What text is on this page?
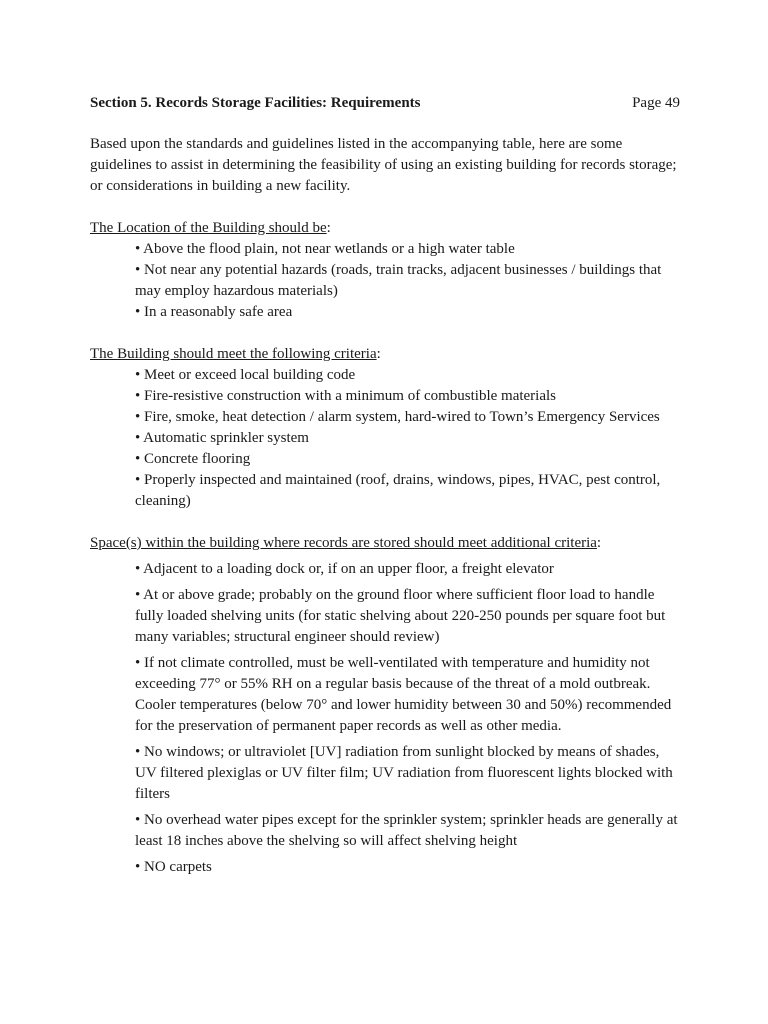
Section 5. Records Storage Facilities: Requirements	Page 49

Based upon the standards and guidelines listed in the accompanying table, here are some guidelines to assist in determining the feasibility of using an existing building for records storage; or considerations in building a new facility.

The Location of the Building should be:

• Above the flood plain, not near wetlands or a high water table
• Not near any potential hazards (roads, train tracks, adjacent businesses / buildings that may employ hazardous materials)
• In a reasonably safe area

The Building should meet the following criteria:

• Meet or exceed local building code
• Fire-resistive construction with a minimum of combustible materials
• Fire, smoke, heat detection / alarm system, hard-wired to Town’s Emergency Services
• Automatic sprinkler system
• Concrete flooring
• Properly inspected and maintained (roof, drains, windows, pipes, HVAC, pest control, cleaning)

Space(s) within the building where records are stored should meet additional criteria:

• Adjacent to a loading dock or, if on an upper floor, a freight elevator
• At or above grade; probably on the ground floor where sufficient floor load to handle fully loaded shelving units (for static shelving about 220-250 pounds per square foot but many variables; structural engineer should review)
• If not climate controlled, must be well-ventilated with temperature and humidity not exceeding 77° or 55% RH on a regular basis because of the threat of a mold outbreak. Cooler temperatures (below 70° and lower humidity between 30 and 50%) recommended for the preservation of permanent paper records as well as other media.
• No windows; or ultraviolet [UV] radiation from sunlight blocked by means of shades, UV filtered plexiglas or UV filter film; UV radiation from fluorescent lights blocked with filters
• No overhead water pipes except for the sprinkler system; sprinkler heads are generally at least 18 inches above the shelving so will affect shelving height
• NO carpets
